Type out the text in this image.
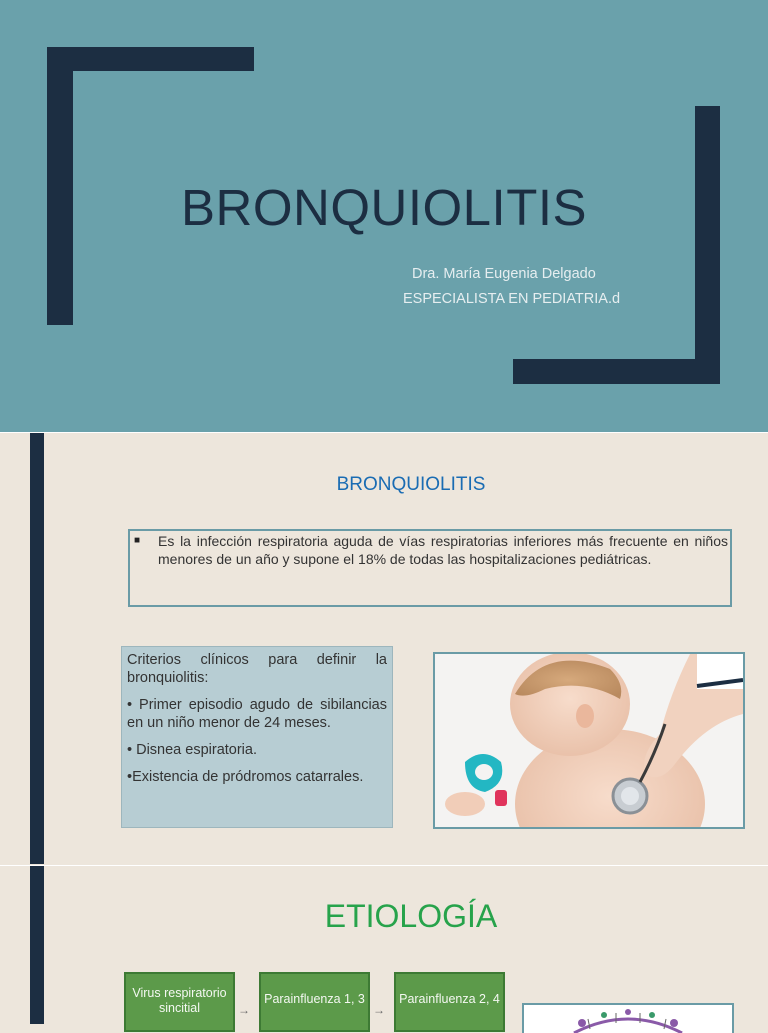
BRONQUIOLITIS
Dra. María Eugenia Delgado
ESPECIALISTA EN PEDIATRIA.d
BRONQUIOLITIS
■ Es la infección respiratoria aguda de vías respiratorias inferiores más frecuente en niños menores de un año y supone el 18% de todas las hospitalizaciones pediátricas.
Criterios clínicos para definir la bronquiolitis:
• Primer episodio agudo de sibilancias en un niño menor de 24 meses.
• Disnea espiratoria.
•Existencia de pródromos catarrales.
ETIOLOGÍA
Virus respiratorio sincitial	→
Parainfluenza 1, 3
→
Parainfluenza 2, 4
